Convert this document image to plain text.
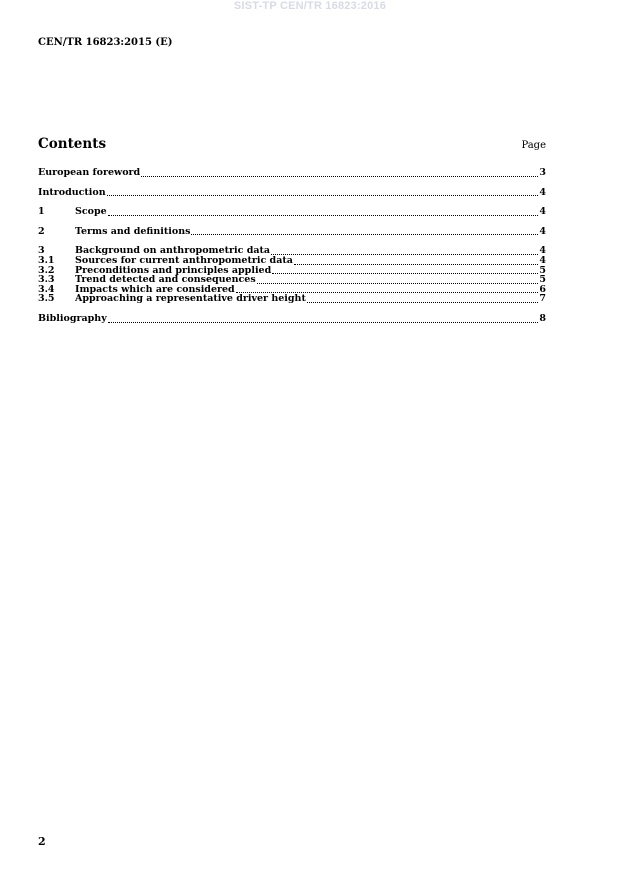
SIST-TP CEN/TR 16823:2016
CEN/TR 16823:2015 (E)
Contents	Page
European foreword	3
Introduction	4
1	Scope	4
2	Terms and definitions	4
3	Background on anthropometric data	4
3.1	Sources for current anthropometric data	4
3.2	Preconditions and principles applied	5
3.3	Trend detected and consequences	5
3.4	Impacts which are considered	6
3.5	Approaching a representative driver height	7
Bibliography	8
2
